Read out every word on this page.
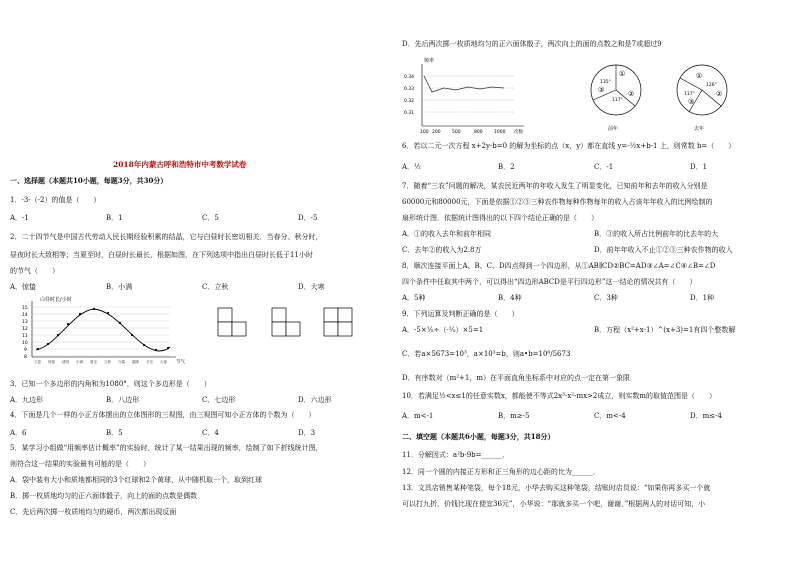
2018年内蒙古呼和浩特市中考数学试卷
一、选择题（本题共10小题，每题3分，共30分）
1．-3-（-2）的值是（　　）
A．-1	B．1	C．5	D．-5
2．二十四节气是中国古代劳动人民长期经验积累的结晶，它与白昼时长密切相关．当春分、秋分时，
昼夜时长大致相等；当夏至时，白昼时长最长，根据如图，在下列选项中指出白昼时长低于11小时
的节气（　　）
A．惊蛰	B．小满	C．立秋	D．大寒
白昼时长/小时
15
14
13
12
11
10
9
8
立春 惊蛰 清明 小满 夏至 立秋 白露 霜降 冬至 大寒 节气
3．已知一个多边形的内角和为1080°，则这个多边形是（　　）
A．九边形	B．八边形	C．七边形	D．六边形
4．下面是几个一样的小正方体摆出的立体图形的三视图，由三视图可知小正方体的个数为（　　）
A．6	B．5	C．4	D．3
5．某学习小组做“用频率估计概率”的实验时，统计了某一结果出现的频率，绘制了如下折线统计图，
则符合这一结果的实验最有可能的是（　　）
A．袋中装有大小和质地都相同的3个红球和2个黄球，从中随机取一个，取到红球
B．掷一枚质地均匀的正六面体骰子，向上的面的点数是偶数
C．先后两次掷一枚质地均匀的硬币，两次都出现反面
D．先后两次掷一枚质地均匀的正六面体骰子，两次向上的面的点数之和是7或超过9
频率
0.34
0.33
0.32
0.31
100 200	500	800	1000 次数
①
②
③
135°
117°
前年
①
②
③
126°
117°
去年
6．若以二元一次方程 x+2y-b=0 的解为坐标的点（x，y）都在直线 y=-½x+b-1 上，则常数 b=（　　）
A．½	B．2	C．-1	D．1
7．随着“三农”问题的解决，某农民近两年的年收入发生了明显变化，已知前年和去年的收入分别是
60000元和80000元，下面是依据①②③三种农作物每种作物每年的收入占该年年收入的比例绘制的
扇形统计图．依据统计图得出的以下四个结论正确的是（　　）
A．①的收入去年和前年相同	B．③的收入所占比例前年的比去年的大
C．去年②的收入为2.8万	D．前年年收入不止①②③三种农作物的收入
8．顺次连接平面上A、B、C、D四点得到一个四边形，从①AB∥CD②BC=AD③∠A=∠C④∠B=∠D
四个条件中任取其中两个，可以得出“四边形ABCD是平行四边形”这一结论的情况共有（　　）
A．5种	B．4种	C．3种	D．1种
9．下列运算及判断正确的是（　　）
A．-5×⅕÷（-⅕）×5=1	B．方程（x²+x-1）^(x+3)=1有四个整数解
C．若a×5673=10³，a×10³=b，则a•b=10⁶/5673
D．有序数对（m²+1，m）在平面直角坐标系中对应的点一定在第一象限
10．若满足½<x≤1的任意实数x，都能使不等式2x³-x²-mx>2成立，则实数m的取值范围是（　　）
A．m<-1	B．m≥-5	C．m<-4	D．m≤-4
二、填空题（本题共6小题，每题3分，共18分）
11．分解因式：a²b-9b=______．
12．同一个圆的内接正方形和正三角形的边心距的比为______．
13．文具店销售某种笔袋，每个18元，小华去购买这种笔袋，结账时店员说：“如果你再多买一个就
可以打九折，价钱比现在便宜36元”，小华说：“那就多买一个吧，谢谢，”根据两人的对话可知，小
